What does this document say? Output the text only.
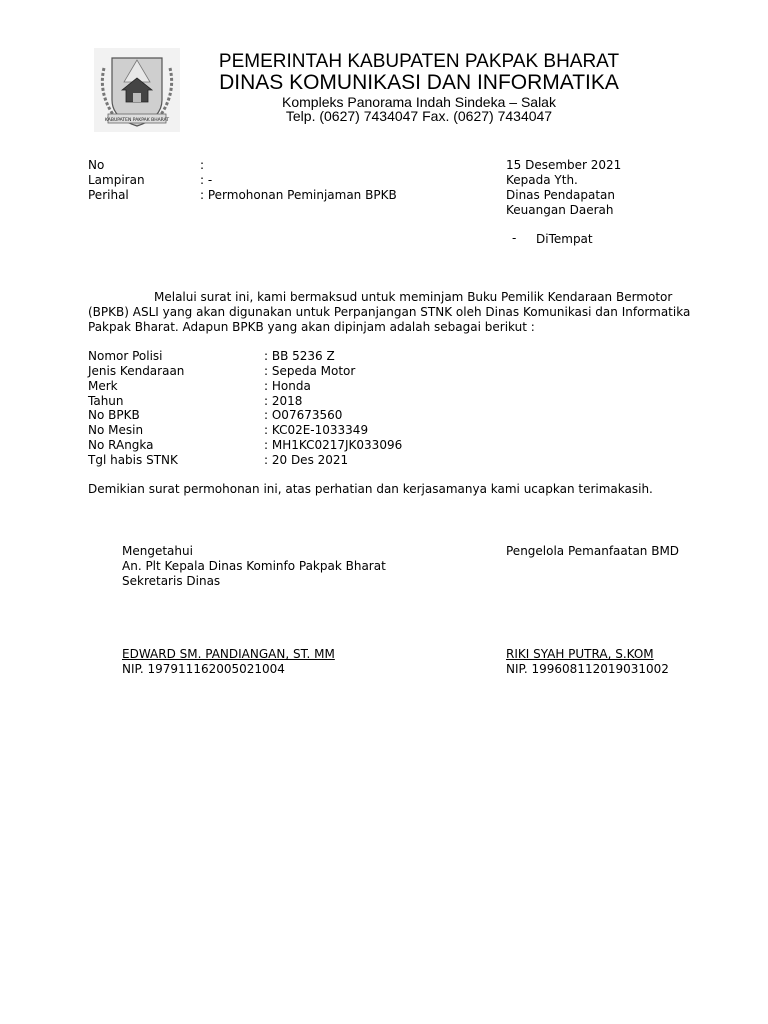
KABUPATEN PAKPAK BHARAT
PEMERINTAH KABUPATEN PAKPAK BHARAT
DINAS KOMUNIKASI DAN INFORMATIKA
Kompleks Panorama Indah Sindeka – Salak
Telp. (0627) 7434047 Fax. (0627) 7434047
No	:
Lampiran	: -
Perihal	: Permohonan Peminjaman BPKB
15 Desember 2021
Kepada Yth.
Dinas Pendapatan
Keuangan Daerah
- DiTempat
Melalui surat ini, kami bermaksud untuk meminjam Buku Pemilik Kendaraan Bermotor
(BPKB) ASLI yang akan digunakan untuk Perpanjangan STNK oleh Dinas Komunikasi dan Informatika
Pakpak Bharat. Adapun BPKB yang akan dipinjam adalah sebagai berikut :
Nomor Polisi	: BB 5236 Z
Jenis Kendaraan	: Sepeda Motor
Merk	: Honda
Tahun	: 2018
No BPKB	: O07673560
No Mesin	: KC02E-1033349
No RAngka	: MH1KC0217JK033096
Tgl habis STNK	: 20 Des 2021
Demikian surat permohonan ini, atas perhatian dan kerjasamanya kami ucapkan terimakasih.
Mengetahui
An. Plt Kepala Dinas Kominfo Pakpak Bharat
Sekretaris Dinas
EDWARD SM. PANDIANGAN, ST. MM
NIP. 197911162005021004
Pengelola Pemanfaatan BMD
RIKI SYAH PUTRA, S.KOM
NIP. 199608112019031002
